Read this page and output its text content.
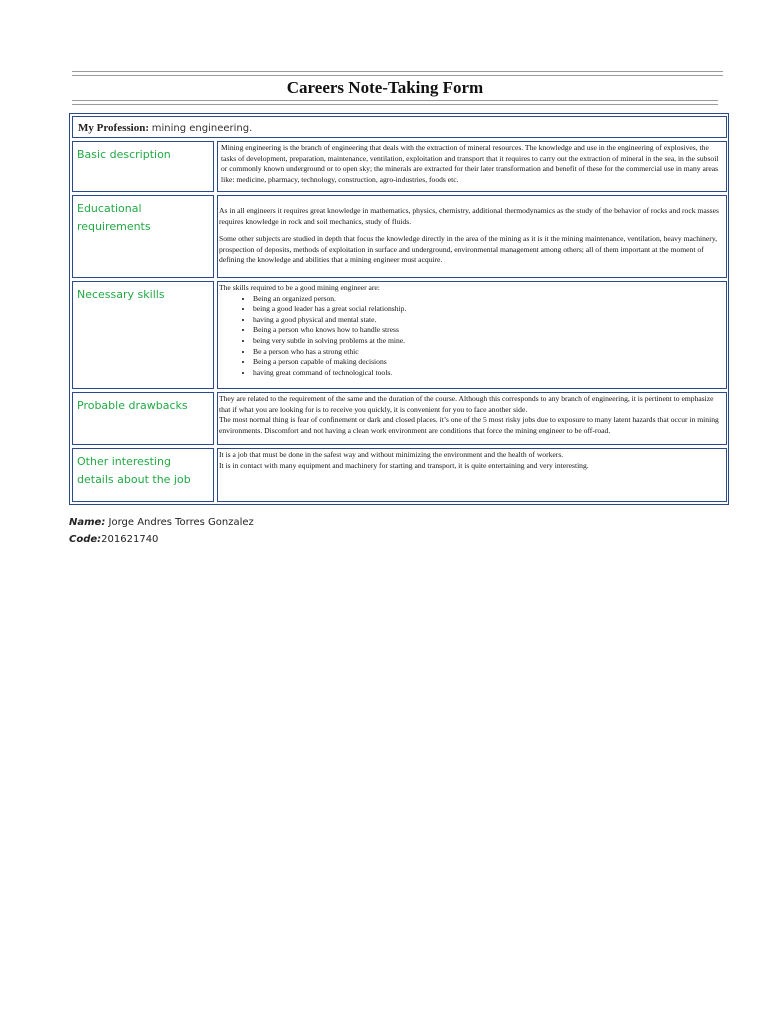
Careers Note-Taking Form
My Profession: mining engineering.
Basic description

Mining engineering is the branch of engineering that deals with the extraction of mineral resources. The knowledge and use in the engineering of explosives, the tasks of development, preparation, maintenance, ventilation, exploitation and transport that it requires to carry out the extraction of mineral in the sea, in the subsoil or commonly known underground or to open sky; the minerals are extracted for their later transformation and benefit of these for the commercial use in many areas like: medicine, pharmacy, technology, construction, agro-industries, foods etc.

Educational requirements

As in all engineers it requires great knowledge in mathematics, physics, chemistry, additional thermodynamics as the study of the behavior of rocks and rock masses requires knowledge in rock and soil mechanics, study of fluids.

Some other subjects are studied in depth that focus the knowledge directly in the area of the mining as it is it the mining maintenance, ventilation, heavy machinery, prospection of deposits, methods of exploitation in surface and underground, environmental management among others; all of them important at the moment of defining the knowledge and abilities that a mining engineer must acquire.

Necessary skills

The skills required to be a good mining engineer are:

• Being an organized person.
• being a good leader has a great social relationship.
• having a good physical and mental state.
• Being a person who knows how to handle stress
• being very subtle in solving problems at the mine.
• Be a person who has a strong ethic
• Being a person capable of making decisions
• having great command of technological tools.
Probable drawbacks

They are related to the requirement of the same and the duration of the course. Although this corresponds to any branch of engineering, it is pertinent to emphasize that if what you are looking for is to receive you quickly, it is convenient for you to face another side.

The most normal thing is fear of confinement or dark and closed places. it’s one of the 5 most risky jobs due to exposure to many latent hazards that occur in mining environments. Discomfort and not having a clean work environment are conditions that force the mining engineer to be off-road.

Other interesting details about the job

It is a job that must be done in the safest way and without minimizing the environment and the health of workers.

It is in contact with many equipment and machinery for starting and transport, it is quite entertaining and very interesting.

Name: Jorge Andres Torres Gonzalez
Code:201621740
